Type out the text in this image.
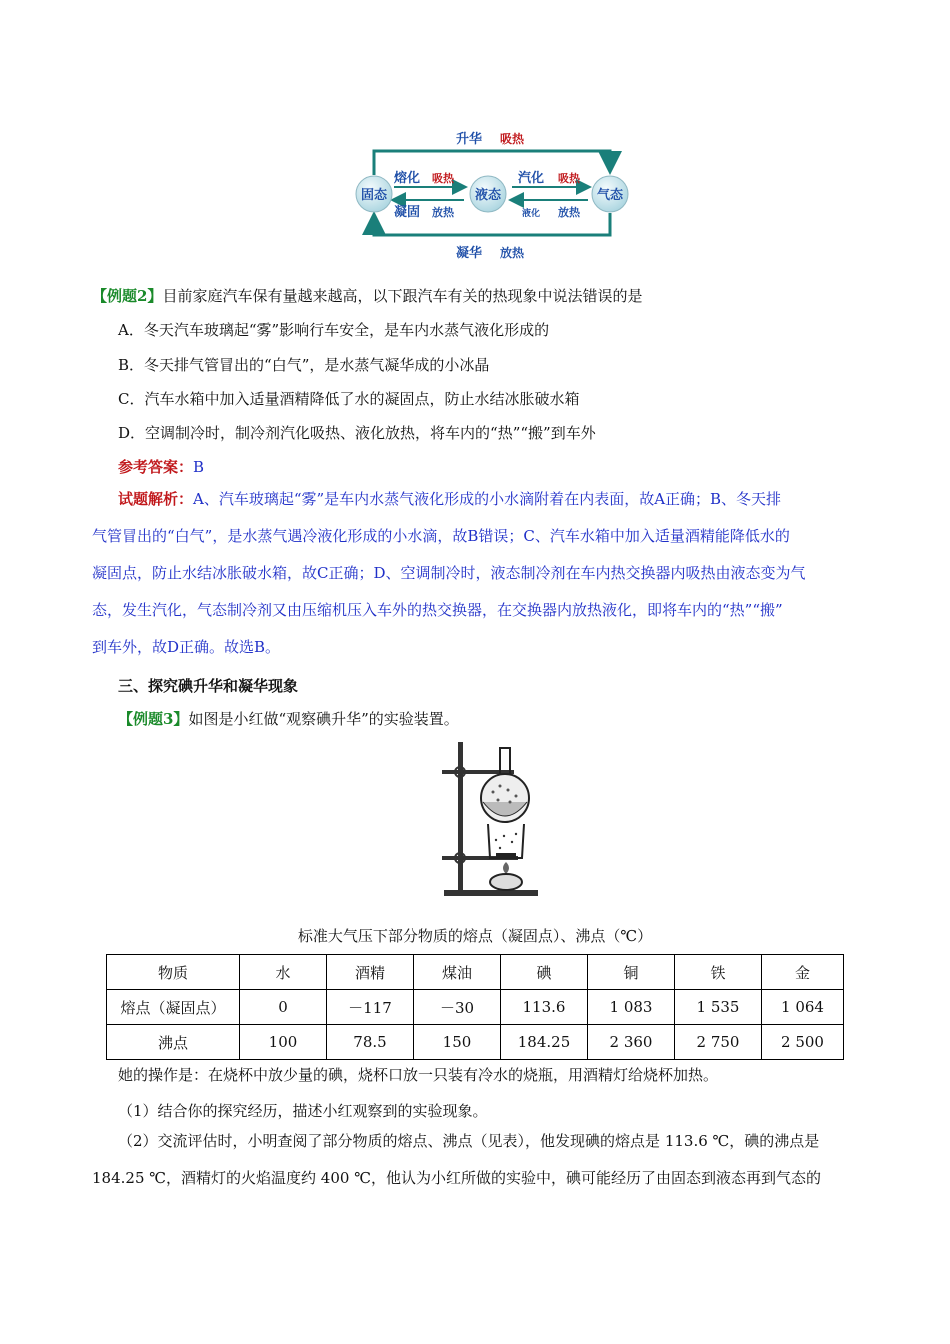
固态	液态	气态
升华 吸热
熔化 吸热
凝固 放热
汽化 吸热
液化 放热
凝华 放热
【例题2】目前家庭汽车保有量越来越高，以下跟汽车有关的热现象中说法错误的是
A．冬天汽车玻璃起“雾”影响行车安全，是车内水蒸气液化形成的
B．冬天排气管冒出的“白气”，是水蒸气凝华成的小冰晶
C．汽车水箱中加入适量酒精降低了水的凝固点，防止水结冰胀破水箱
D．空调制冷时，制冷剂汽化吸热、液化放热，将车内的“热”“搬”到车外
参考答案：B
试题解析：A、汽车玻璃起“雾”是车内水蒸气液化形成的小水滴附着在内表面，故A正确；B、冬天排
气管冒出的“白气”，是水蒸气遇冷液化形成的小水滴，故B错误；C、汽车水箱中加入适量酒精能降低水的
凝固点，防止水结冰胀破水箱，故C正确；D、空调制冷时，液态制冷剂在车内热交换器内吸热由液态变为气
态，发生汽化，气态制冷剂又由压缩机压入车外的热交换器，在交换器内放热液化，即将车内的“热”“搬”
到车外，故D正确。故选B。
三、探究碘升华和凝华现象
【例题3】如图是小红做“观察碘升华”的实验装置。
标准大气压下部分物质的熔点（凝固点）、沸点（℃）
物质	水	酒精	煤油	碘	铜	铁	金
熔点（凝固点）	0	－117	－30	113.6	1 083	1 535	1 064
沸点	100	78.5	150	184.25	2 360	2 750	2 500
她的操作是：在烧杯中放少量的碘，烧杯口放一只装有冷水的烧瓶，用酒精灯给烧杯加热。
（1）结合你的探究经历，描述小红观察到的实验现象。
（2）交流评估时，小明查阅了部分物质的熔点、沸点（见表），他发现碘的熔点是 113.6 ℃，碘的沸点是
184.25 ℃，酒精灯的火焰温度约 400 ℃，他认为小红所做的实验中，碘可能经历了由固态到液态再到气态的
